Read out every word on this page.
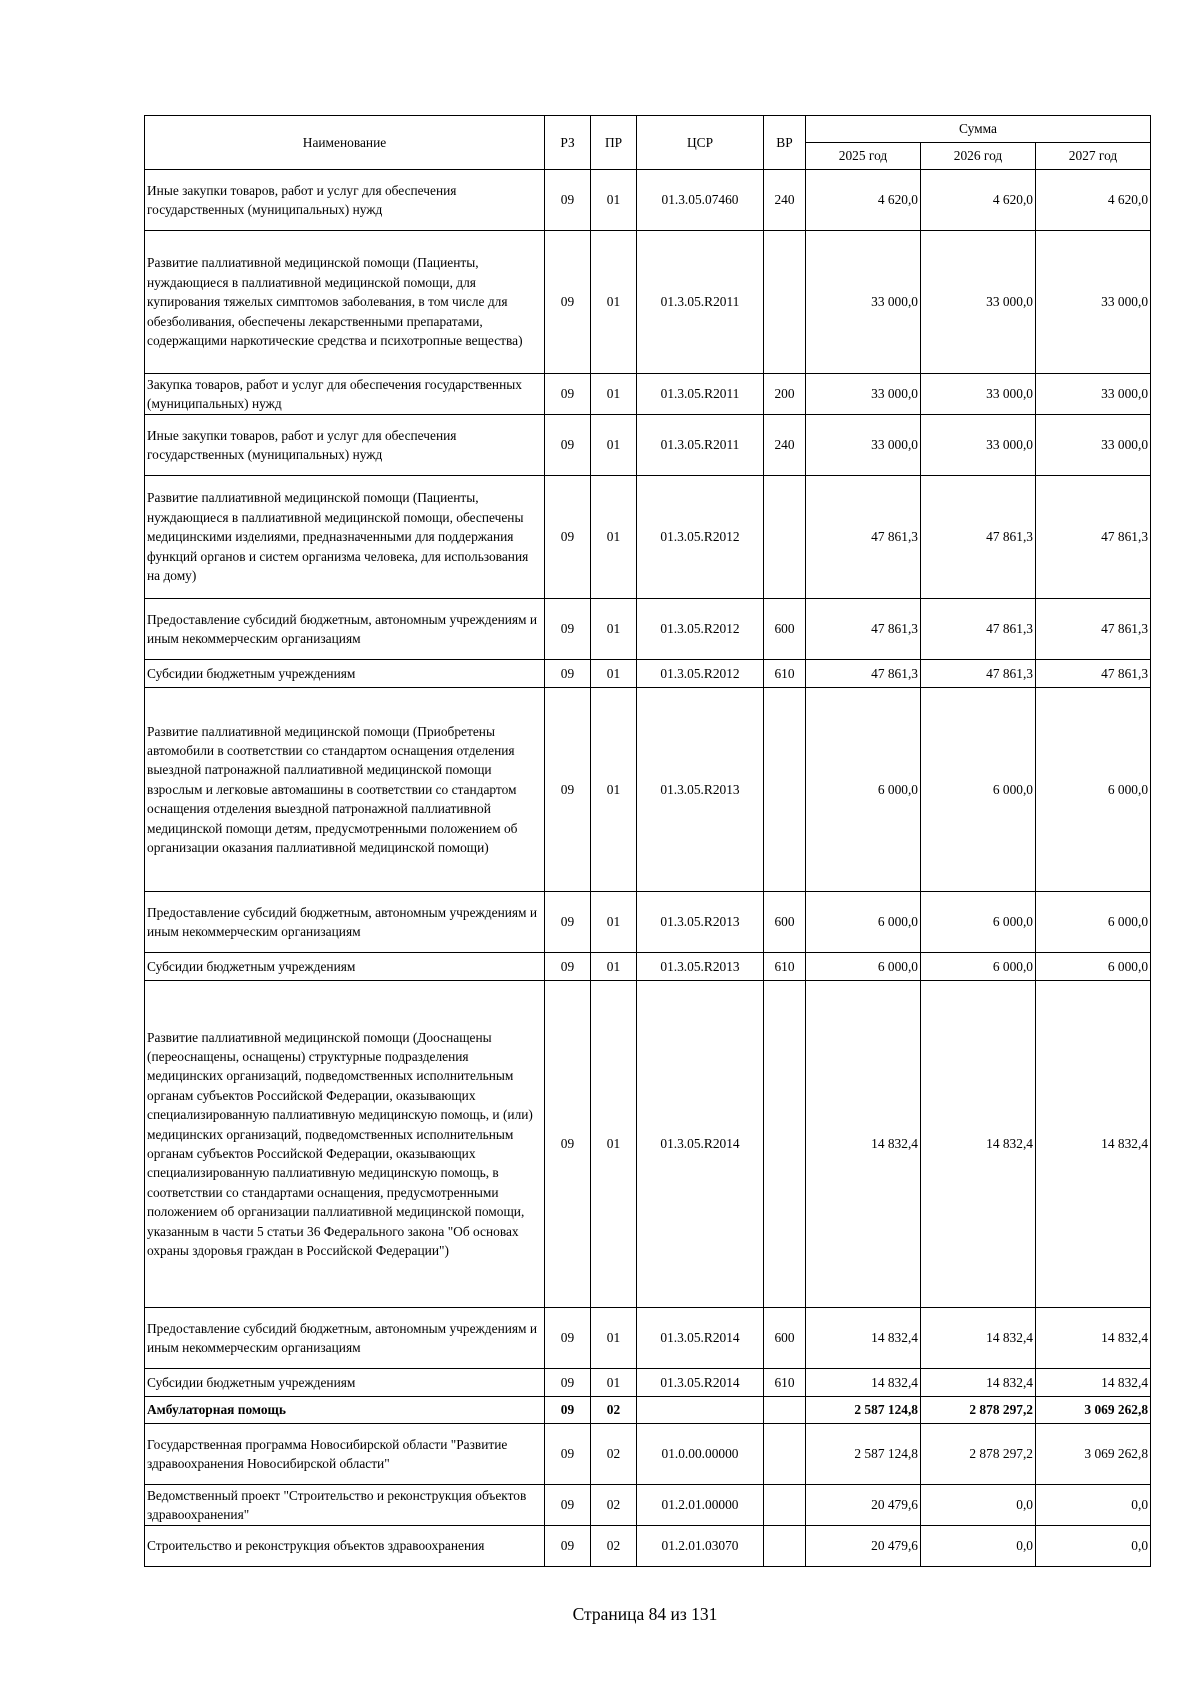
Наименование	РЗ	ПР	ЦСР	ВР	Сумма		
					2025 год	2026 год	2027 год
Иные закупки товаров, работ и услуг для обеспечения государственных (муниципальных) нужд	09	01	01.3.05.07460	240	4 620,0	4 620,0	4 620,0
Развитие паллиативной медицинской помощи (Пациенты, нуждающиеся в паллиативной медицинской помощи, для купирования тяжелых симптомов заболевания, в том числе для обезболивания, обеспечены лекарственными препаратами, содержащими наркотические средства и психотропные вещества)	09	01	01.3.05.R2011		33 000,0	33 000,0	33 000,0
Закупка товаров, работ и услуг для обеспечения государственных (муниципальных) нужд	09	01	01.3.05.R2011	200	33 000,0	33 000,0	33 000,0
Иные закупки товаров, работ и услуг для обеспечения государственных (муниципальных) нужд	09	01	01.3.05.R2011	240	33 000,0	33 000,0	33 000,0
Развитие паллиативной медицинской помощи (Пациенты, нуждающиеся в паллиативной медицинской помощи, обеспечены медицинскими изделиями, предназначенными для поддержания функций органов и систем организма человека, для использования на дому)	09	01	01.3.05.R2012		47 861,3	47 861,3	47 861,3
Предоставление субсидий бюджетным, автономным учреждениям и иным некоммерческим организациям	09	01	01.3.05.R2012	600	47 861,3	47 861,3	47 861,3
Субсидии бюджетным учреждениям	09	01	01.3.05.R2012	610	47 861,3	47 861,3	47 861,3
Развитие паллиативной медицинской помощи (Приобретены автомобили в соответствии со стандартом оснащения отделения выездной патронажной паллиативной медицинской помощи взрослым и легковые автомашины в соответствии со стандартом оснащения отделения выездной патронажной паллиативной медицинской помощи детям, предусмотренными положением об организации оказания паллиативной медицинской помощи)	09	01	01.3.05.R2013		6 000,0	6 000,0	6 000,0
Предоставление субсидий бюджетным, автономным учреждениям и иным некоммерческим организациям	09	01	01.3.05.R2013	600	6 000,0	6 000,0	6 000,0
Субсидии бюджетным учреждениям	09	01	01.3.05.R2013	610	6 000,0	6 000,0	6 000,0
Развитие паллиативной медицинской помощи (Дооснащены (переоснащены, оснащены) структурные подразделения медицинских организаций, подведомственных исполнительным органам субъектов Российской Федерации, оказывающих специализированную паллиативную медицинскую помощь, и (или) медицинских организаций, подведомственных исполнительным органам субъектов Российской Федерации, оказывающих специализированную паллиативную медицинскую помощь, в соответствии со стандартами оснащения, предусмотренными положением об организации паллиативной медицинской помощи, указанным в части 5 статьи 36 Федерального закона "Об основах охраны здоровья граждан в Российской Федерации")	09	01	01.3.05.R2014		14 832,4	14 832,4	14 832,4
Предоставление субсидий бюджетным, автономным учреждениям и иным некоммерческим организациям	09	01	01.3.05.R2014	600	14 832,4	14 832,4	14 832,4
Субсидии бюджетным учреждениям	09	01	01.3.05.R2014	610	14 832,4	14 832,4	14 832,4
Амбулаторная помощь	09	02			2 587 124,8	2 878 297,2	3 069 262,8
Государственная программа Новосибирской области "Развитие здравоохранения Новосибирской области"	09	02	01.0.00.00000		2 587 124,8	2 878 297,2	3 069 262,8
Ведомственный проект "Строительство и реконструкция объектов здравоохранения"	09	02	01.2.01.00000		20 479,6	0,0	0,0
Строительство и реконструкция объектов здравоохранения	09	02	01.2.01.03070		20 479,6	0,0	0,0
Страница 84 из 131
